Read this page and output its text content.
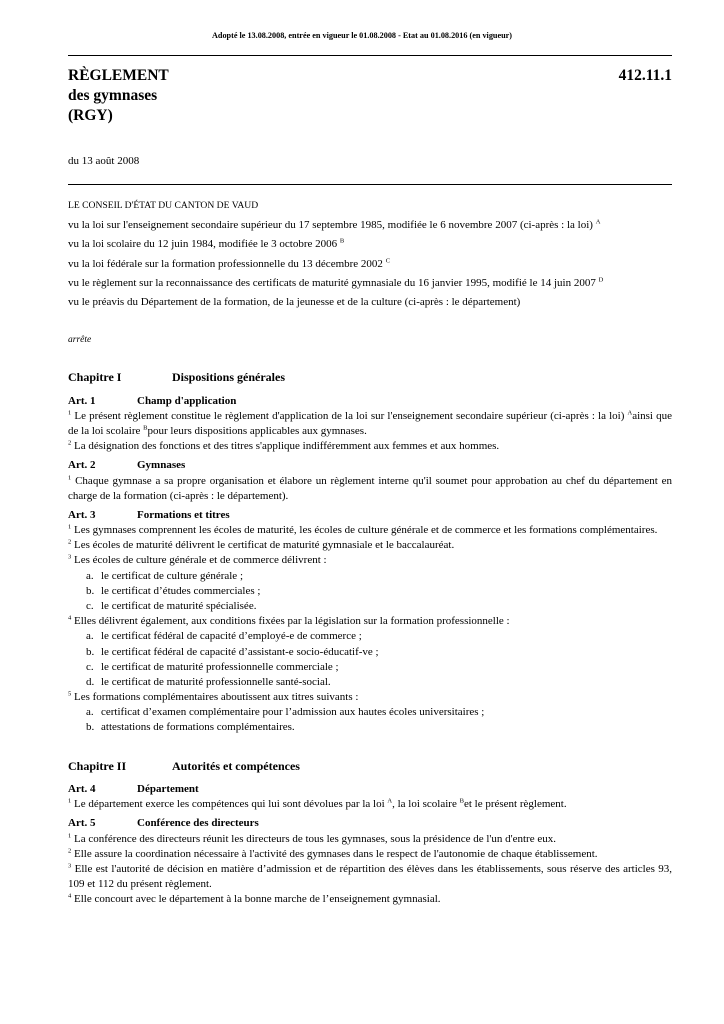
Adopté le 13.08.2008, entrée en vigueur le 01.08.2008 - Etat au 01.08.2016 (en vigueur)
RÈGLEMENT
des gymnases
(RGY)
412.11.1
du 13 août 2008
LE CONSEIL D'ÉTAT DU CANTON DE VAUD
vu la loi sur l'enseignement secondaire supérieur du 17 septembre 1985, modifiée le 6 novembre 2007 (ci-après : la loi) $^A$
vu la loi scolaire du 12 juin 1984, modifiée le 3 octobre 2006 $^B$
vu la loi fédérale sur la formation professionnelle du 13 décembre 2002 $^C$
vu le règlement sur la reconnaissance des certificats de maturité gymnasiale du 16 janvier 1995, modifié le 14 juin 2007 $^D$
vu le préavis du Département de la formation, de la jeunesse et de la culture (ci-après : le département)
arrête
Chapitre I	Dispositions générales
Art. 1	Champ d'application

$^1$ Le présent règlement constitue le règlement d'application de la loi sur l'enseignement secondaire supérieur (ci-après : la loi) $^A$ainsi que de la loi scolaire $^B$pour leurs dispositions applicables aux gymnases.

$^2$ La désignation des fonctions et des titres s'applique indifféremment aux femmes et aux hommes.

Art. 2	Gymnases

$^1$ Chaque gymnase a sa propre organisation et élabore un règlement interne qu'il soumet pour approbation au chef du département en charge de la formation (ci-après : le département).

Art. 3	Formations et titres

$^1$ Les gymnases comprennent les écoles de maturité, les écoles de culture générale et de commerce et les formations complémentaires.

$^2$ Les écoles de maturité délivrent le certificat de maturité gymnasiale et le baccalauréat.

$^3$ Les écoles de culture générale et de commerce délivrent :

a. le certificat de culture générale ;
b. le certificat d’études commerciales ;
c. le certificat de maturité spécialisée.

$^4$ Elles délivrent également, aux conditions fixées par la législation sur la formation professionnelle :

a. le certificat fédéral de capacité d’employé-e de commerce ;
b. le certificat fédéral de capacité d’assistant-e socio-éducatif-ve ;
c. le certificat de maturité professionnelle commerciale ;
d. le certificat de maturité professionnelle santé-social.

$^5$ Les formations complémentaires aboutissent aux titres suivants :

a. certificat d’examen complémentaire pour l’admission aux hautes écoles universitaires ;
b. attestations de formations complémentaires.
Chapitre II	Autorités et compétences
Art. 4	Département

$^1$ Le département exerce les compétences qui lui sont dévolues par la loi $^A$, la loi scolaire $^B$et le présent règlement.

Art. 5	Conférence des directeurs

$^1$ La conférence des directeurs réunit les directeurs de tous les gymnases, sous la présidence de l'un d'entre eux.

$^2$ Elle assure la coordination nécessaire à l'activité des gymnases dans le respect de l'autonomie de chaque établissement.

$^3$ Elle est l'autorité de décision en matière d’admission et de répartition des élèves dans les établissements, sous réserve des articles 93, 109 et 112 du présent règlement.

$^4$ Elle concourt avec le département à la bonne marche de l’enseignement gymnasial.
